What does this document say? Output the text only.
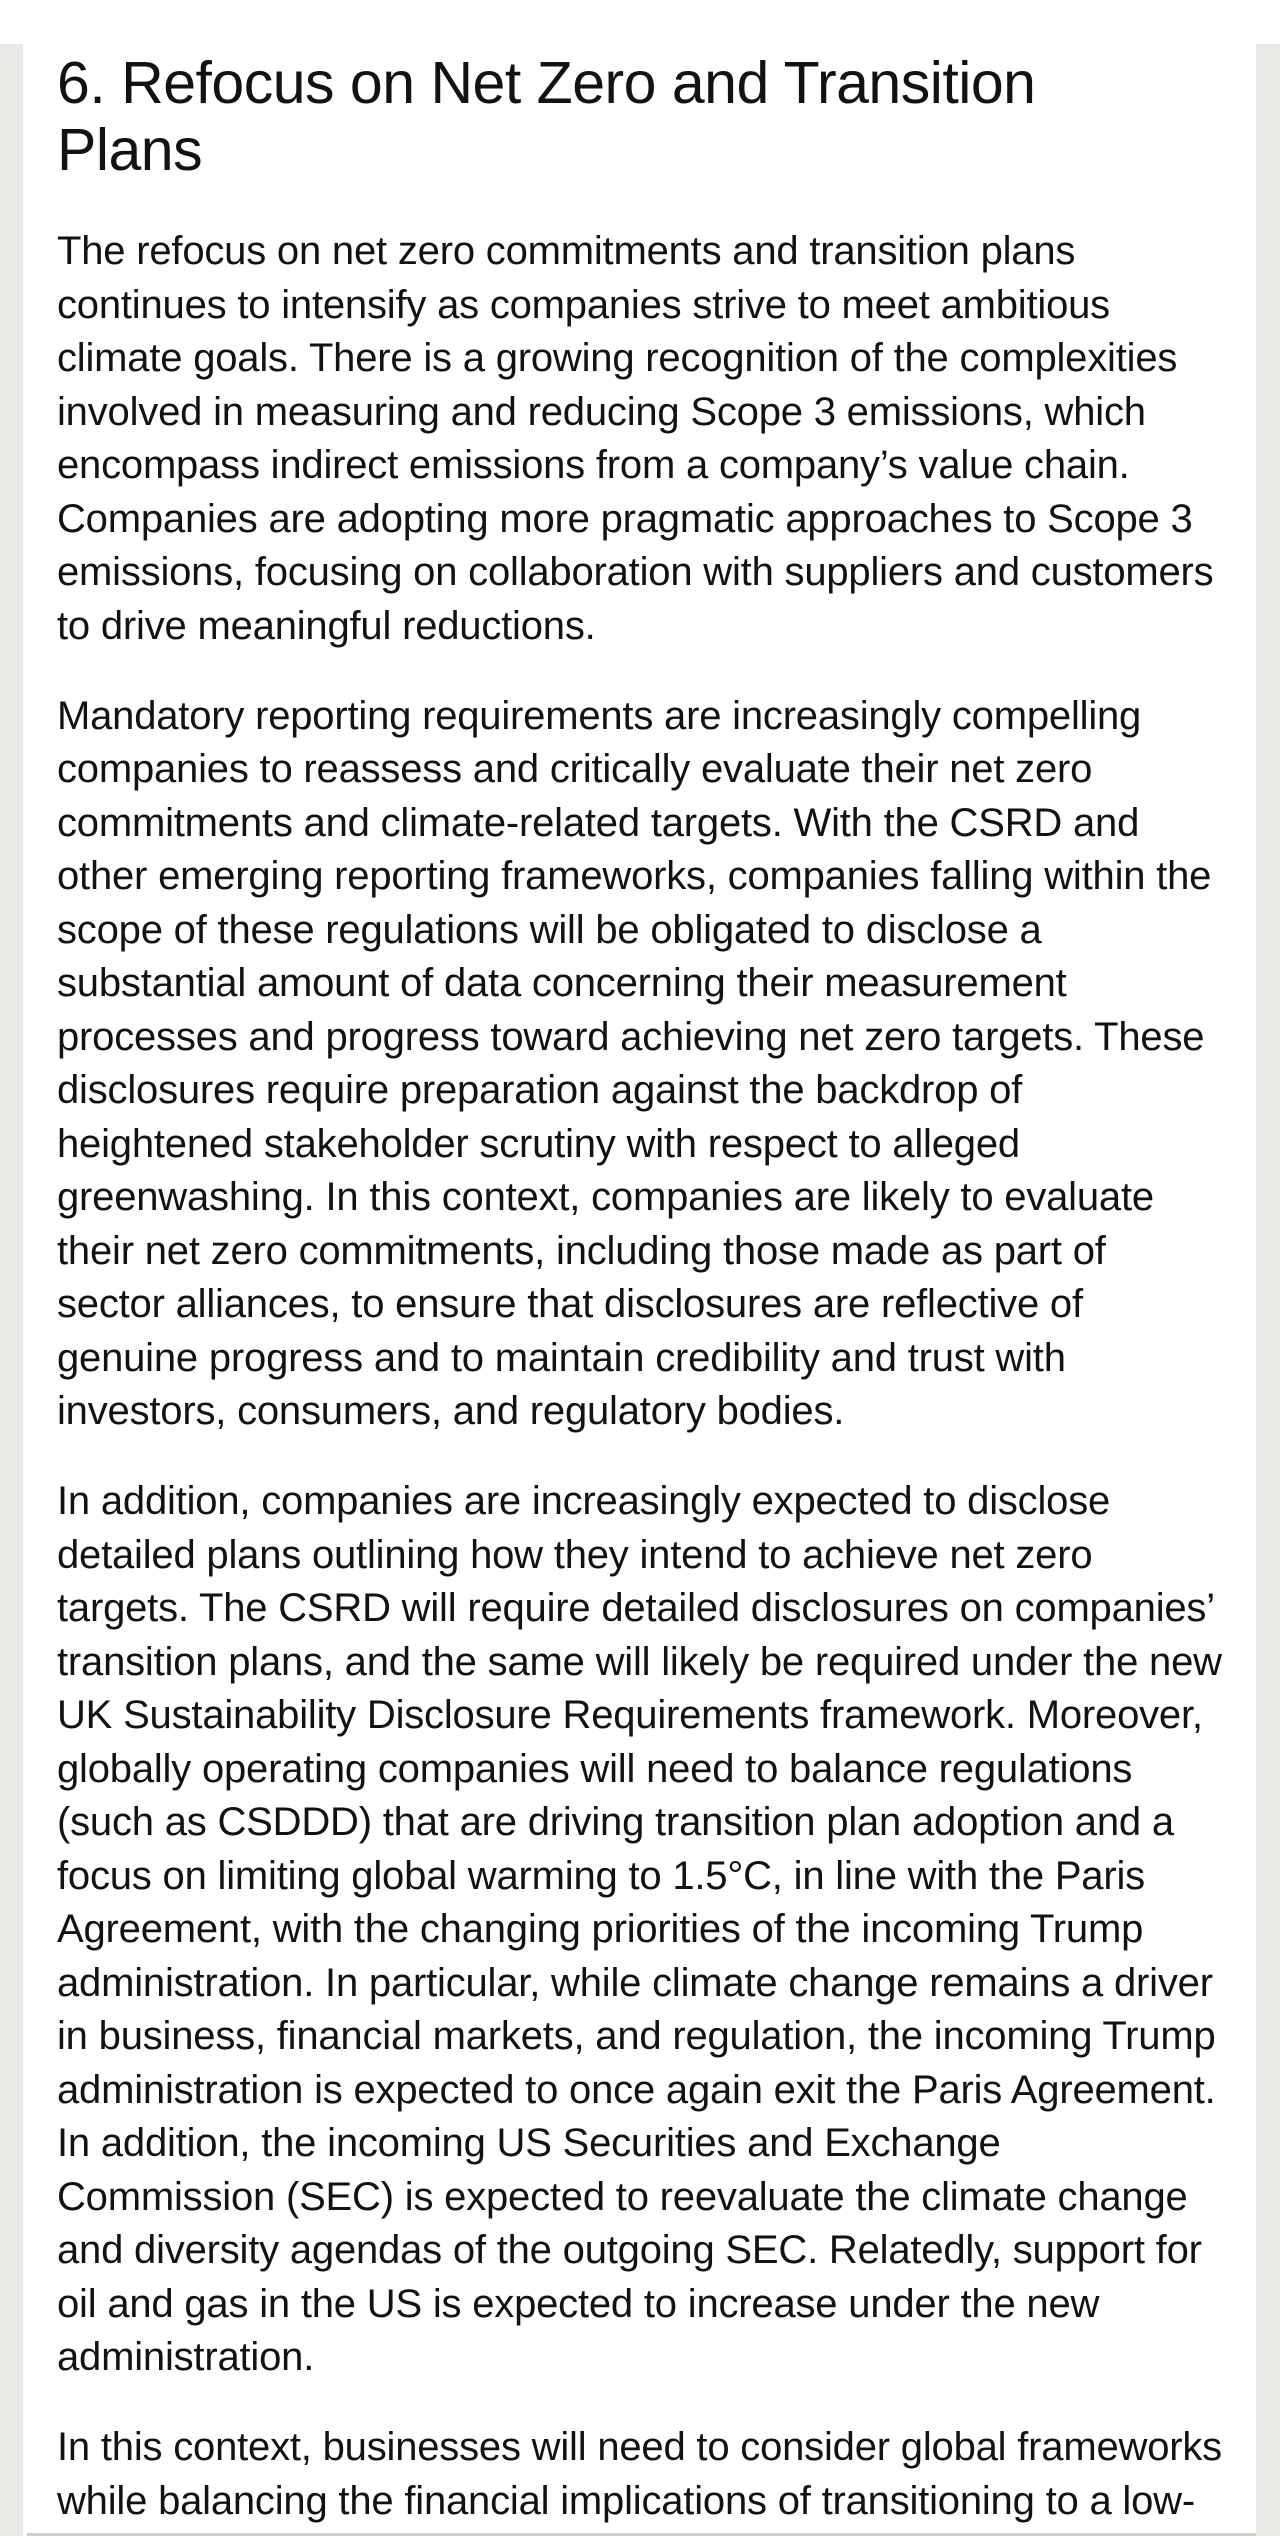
6. Refocus on Net Zero and Transition
Plans

The refocus on net zero commitments and transition plans
continues to intensify as companies strive to meet ambitious
climate goals. There is a growing recognition of the complexities
involved in measuring and reducing Scope 3 emissions, which
encompass indirect emissions from a company’s value chain.
Companies are adopting more pragmatic approaches to Scope 3
emissions, focusing on collaboration with suppliers and customers
to drive meaningful reductions.

Mandatory reporting requirements are increasingly compelling
companies to reassess and critically evaluate their net zero
commitments and climate-related targets. With the CSRD and
other emerging reporting frameworks, companies falling within the
scope of these regulations will be obligated to disclose a
substantial amount of data concerning their measurement
processes and progress toward achieving net zero targets. These
disclosures require preparation against the backdrop of
heightened stakeholder scrutiny with respect to alleged
greenwashing. In this context, companies are likely to evaluate
their net zero commitments, including those made as part of
sector alliances, to ensure that disclosures are reflective of
genuine progress and to maintain credibility and trust with
investors, consumers, and regulatory bodies.

In addition, companies are increasingly expected to disclose
detailed plans outlining how they intend to achieve net zero
targets. The CSRD will require detailed disclosures on companies’
transition plans, and the same will likely be required under the new
UK Sustainability Disclosure Requirements framework. Moreover,
globally operating companies will need to balance regulations
(such as CSDDD) that are driving transition plan adoption and a
focus on limiting global warming to 1.5°C, in line with the Paris
Agreement, with the changing priorities of the incoming Trump
administration. In particular, while climate change remains a driver
in business, financial markets, and regulation, the incoming Trump
administration is expected to once again exit the Paris Agreement.
In addition, the incoming US Securities and Exchange
Commission (SEC) is expected to reevaluate the climate change
and diversity agendas of the outgoing SEC. Relatedly, support for
oil and gas in the US is expected to increase under the new
administration.

In this context, businesses will need to consider global frameworks
while balancing the financial implications of transitioning to a low-
